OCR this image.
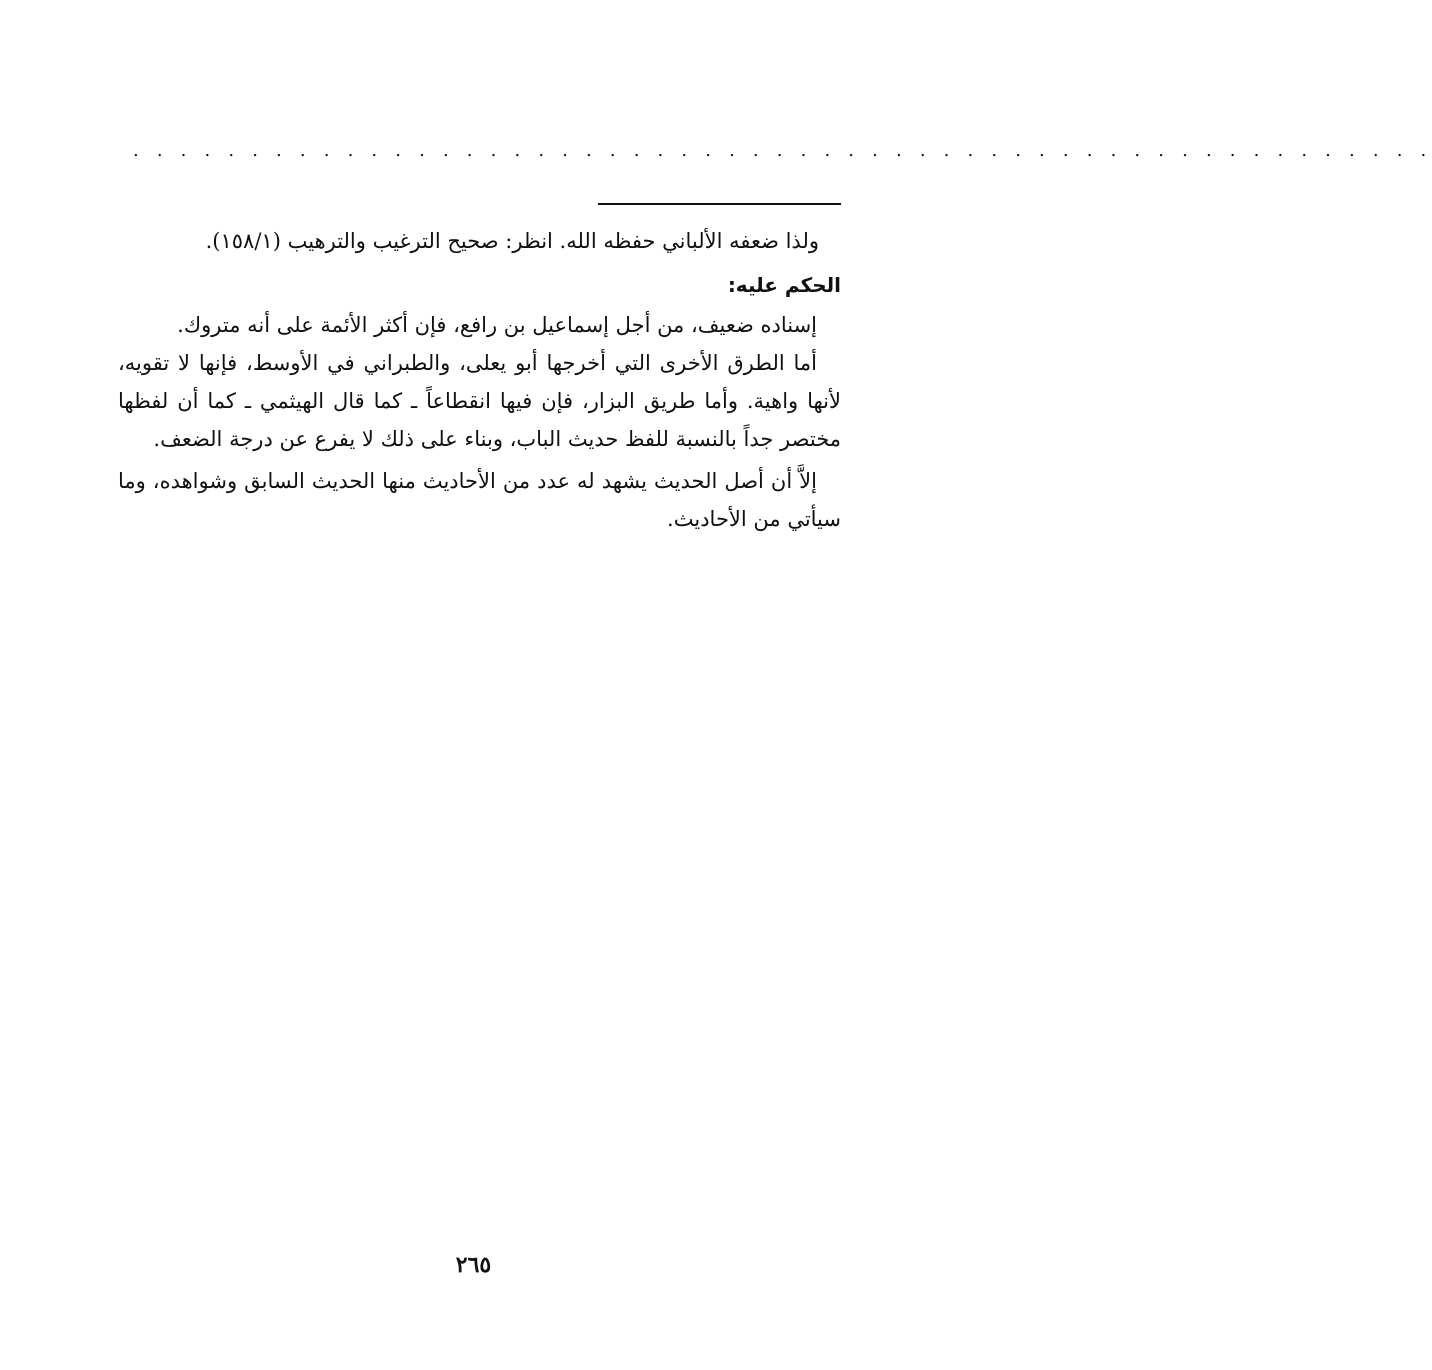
. . . . . . . . . . . . . . . . . . . . . . . . . . . . . . . . . . . . . . . . . . . . . . . . . . . . . . .

ولذا ضعفه الألباني حفظه الله. انظر: صحيح الترغيب والترهيب (١٥٨/١).

الحكم عليه:

إسناده ضعيف، من أجل إسماعيل بن رافع، فإن أكثر الأئمة على أنه متروك.

أما الطرق الأخرى التي أخرجها أبو يعلى، والطبراني في الأوسط، فإنها لا تقويه، لأنها واهية. وأما طريق البزار، فإن فيها انقطاعاً ـ كما قال الهيثمي ـ كما أن لفظها مختصر جداً بالنسبة للفظ حديث الباب، وبناء على ذلك لا يفرع عن درجة الضعف.

إلاَّ أن أصل الحديث يشهد له عدد من الأحاديث منها الحديث السابق وشواهده، وما سيأتي من الأحاديث.

٢٦٥
